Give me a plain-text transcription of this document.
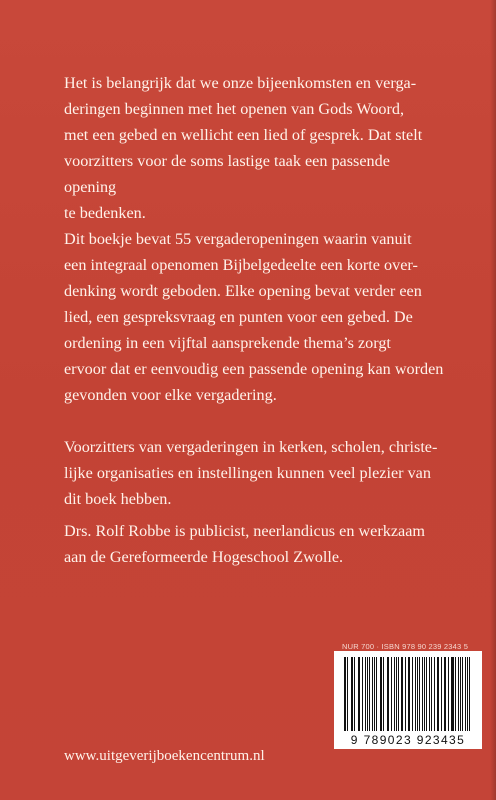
Het is belangrijk dat we onze bijeenkomsten en verga-

deringen beginnen met het openen van Gods Woord,

met een gebed en wellicht een lied of gesprek. Dat stelt

voorzitters voor de soms lastige taak een passende opening

te bedenken.

Dit boekje bevat 55 vergaderopeningen waarin vanuit

een integraal openomen Bijbelgedeelte een korte over-

denking wordt geboden. Elke opening bevat verder een

lied, een gespreksvraag en punten voor een gebed. De

ordening in een vijftal aansprekende thema’s zorgt

ervoor dat er eenvoudig een passende opening kan worden

gevonden voor elke vergadering.

Voorzitters van vergaderingen in kerken, scholen, christe-

lijke organisaties en instellingen kunnen veel plezier van

dit boek hebben.

Drs. Rolf Robbe is publicist, neerlandicus en werkzaam

aan de Gereformeerde Hogeschool Zwolle.

NUR 700 · ISBN 978 90 239 2343 5
9 789023 923435
www.uitgeverijboekencentrum.nl
